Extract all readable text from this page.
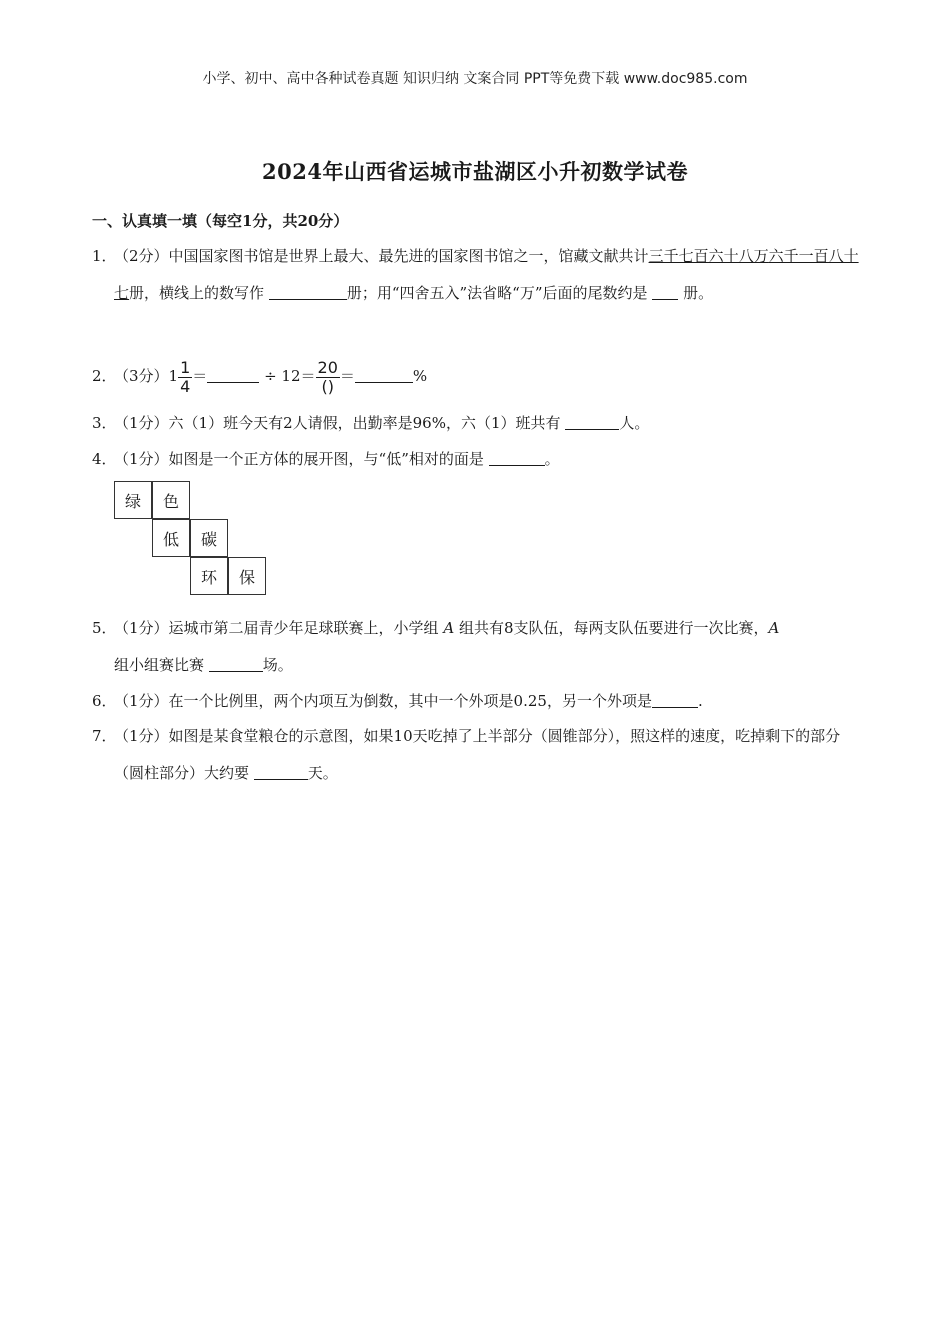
小学、初中、高中各种试卷真题 知识归纳 文案合同 PPT等免费下载 www.doc985.com
2024年山西省运城市盐湖区小升初数学试卷
一、认真填一填（每空1分，共20分）
1．
（2分）中国国家图书馆是世界上最大、最先进的国家图书馆之一，馆藏文献共计三千七百六十八万六千一百八十七册，横线上的数写作	册；用“四舍五入”法省略“万”后面的尾数约是 册。
2．
（3分）$1 \frac{1}{4}$ ＝	÷ $12= \frac{20}{()}$ ＝	%
3．
（1分）六（1）班今天有2人请假，出勤率是96%，六（1）班共有	人。
4．
（1分）如图是一个正方体的展开图，与“低”相对的面是	。
绿	色
低	碳
环	保
5．
（1分）运城市第二届青少年足球联赛上，小学组 A 组共有8支队伍，每两支队伍要进行一次比赛，A
组小组赛比赛	场。
6．
（1分）在一个比例里，两个内项互为倒数，其中一个外项是0.25，另一个外项是	.
7．
（1分）如图是某食堂粮仓的示意图，如果10天吃掉了上半部分（圆锥部分），照这样的速度，吃掉剩下的部分（圆柱部分）大约要	天。
